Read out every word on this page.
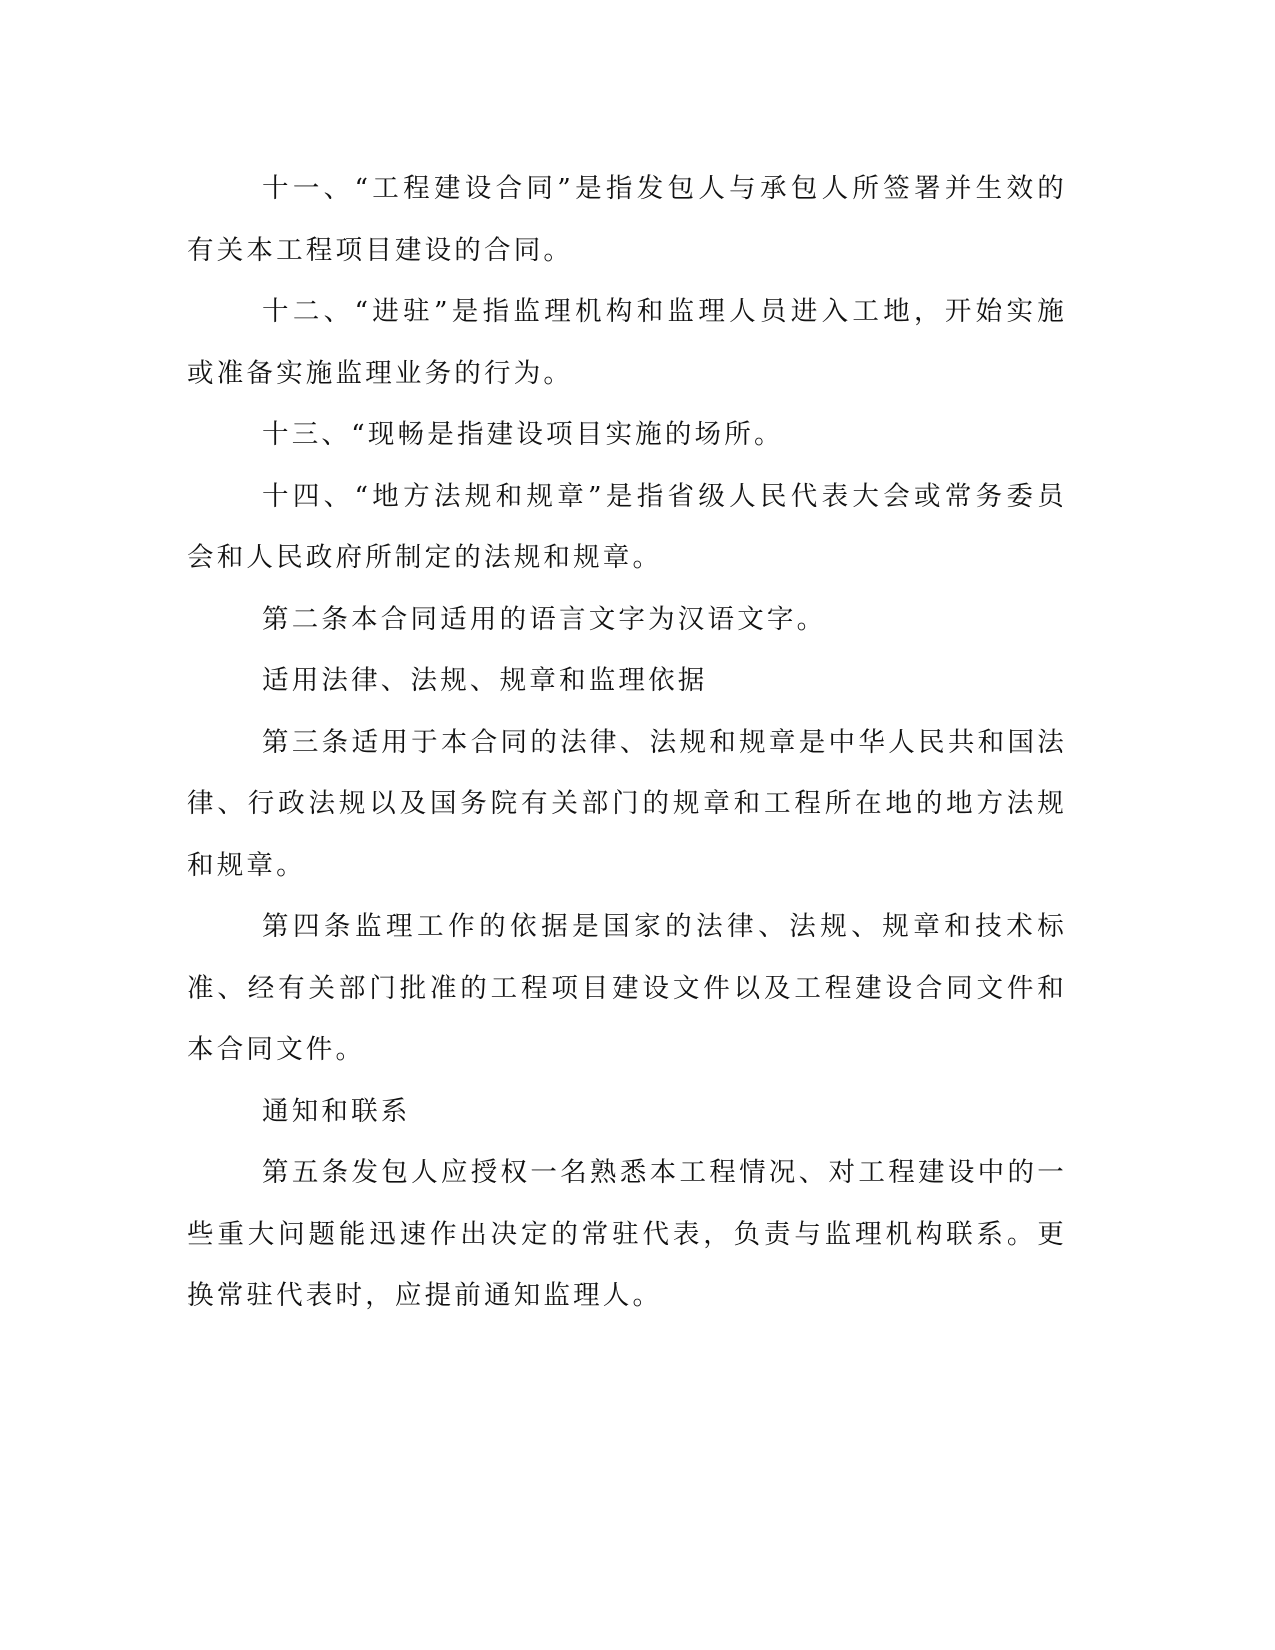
十一、“工程建设合同”是指发包人与承包人所签署并生效的有关本工程项目建设的合同。

十二、“进驻”是指监理机构和监理人员进入工地，开始实施或准备实施监理业务的行为。

十三、“现畅是指建设项目实施的场所。

十四、“地方法规和规章”是指省级人民代表大会或常务委员会和人民政府所制定的法规和规章。

第二条本合同适用的语言文字为汉语文字。

适用法律、法规、规章和监理依据

第三条适用于本合同的法律、法规和规章是中华人民共和国法律、行政法规以及国务院有关部门的规章和工程所在地的地方法规和规章。

第四条监理工作的依据是国家的法律、法规、规章和技术标准、经有关部门批准的工程项目建设文件以及工程建设合同文件和本合同文件。

通知和联系

第五条发包人应授权一名熟悉本工程情况、对工程建设中的一些重大问题能迅速作出决定的常驻代表，负责与监理机构联系。更换常驻代表时，应提前通知监理人。
